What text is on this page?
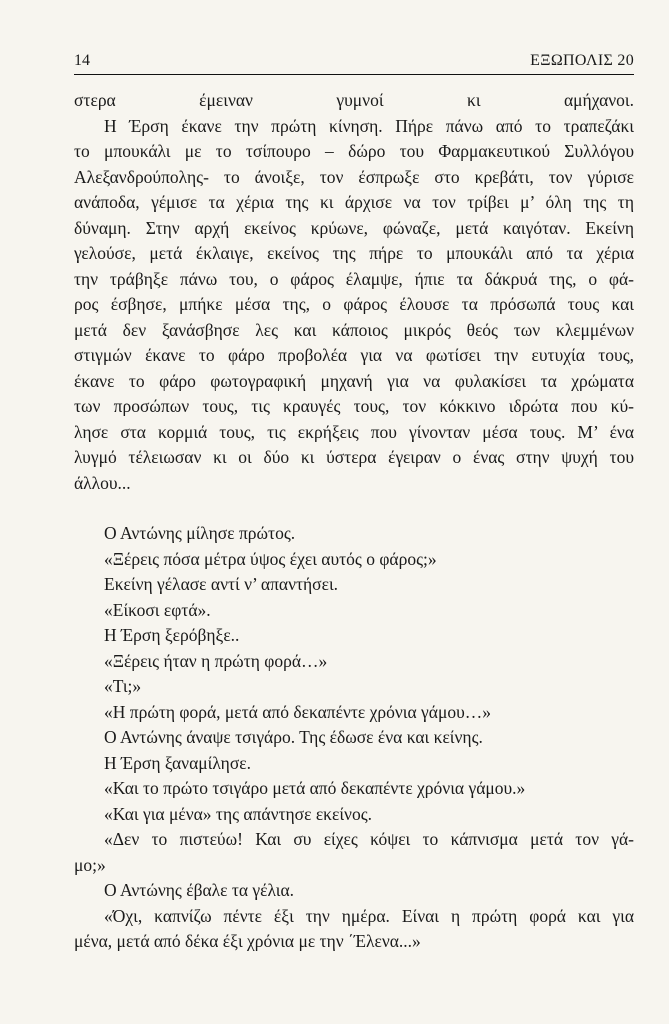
14	ΕΞΩΠΟΛΙΣ 20
στερα έμειναν γυμνοί κι αμήχανοι.
Η Έρση έκανε την πρώτη κίνηση. Πήρε πάνω από το τραπεζάκι
το μπουκάλι με το τσίπουρο – δώρο του Φαρμακευτικού Συλλόγου
Αλεξανδρούπολης- το άνοιξε, τον έσπρωξε στο κρεβάτι, τον γύρισε
ανάποδα, γέμισε τα χέρια της κι άρχισε να τον τρίβει μ’ όλη της τη
δύναμη. Στην αρχή εκείνος κρύωνε, φώναζε, μετά καιγόταν. Εκείνη
γελούσε, μετά έκλαιγε, εκείνος της πήρε το μπουκάλι από τα χέρια
την τράβηξε πάνω του, ο φάρος έλαμψε, ήπιε τα δάκρυά της, ο φά-
ρος έσβησε, μπήκε μέσα της, ο φάρος έλουσε τα πρόσωπά τους και
μετά δεν ξανάσβησε λες και κάποιος μικρός θεός των κλεμμένων
στιγμών έκανε το φάρο προβολέα για να φωτίσει την ευτυχία τους,
έκανε το φάρο φωτογραφική μηχανή για να φυλακίσει τα χρώματα
των προσώπων τους, τις κραυγές τους, τον κόκκινο ιδρώτα που κύ-
λησε στα κορμιά τους, τις εκρήξεις που γίνονταν μέσα τους. Μ’ ένα
λυγμό τέλειωσαν κι οι δύο κι ύστερα έγειραν ο ένας στην ψυχή του
άλλου...
Ο Αντώνης μίλησε πρώτος.
«Ξέρεις πόσα μέτρα ύψος έχει αυτός ο φάρος;»
Εκείνη γέλασε αντί ν’ απαντήσει.
«Είκοσι εφτά».
Η Έρση ξερόβηξε..
«Ξέρεις ήταν η πρώτη φορά…»
«Τι;»
«Η πρώτη φορά, μετά από δεκαπέντε χρόνια γάμου…»
Ο Αντώνης άναψε τσιγάρο. Της έδωσε ένα και κείνης.
Η Έρση ξαναμίλησε.
«Και το πρώτο τσιγάρο μετά από δεκαπέντε χρόνια γάμου.»
«Και για μένα» της απάντησε εκείνος.
«Δεν το πιστεύω! Και συ είχες κόψει το κάπνισμα μετά τον γά-
μο;»
Ο Αντώνης έβαλε τα γέλια.
«Όχι, καπνίζω πέντε έξι την ημέρα. Είναι η πρώτη φορά και για
μένα, μετά από δέκα έξι χρόνια με την ΄Έλενα...»
